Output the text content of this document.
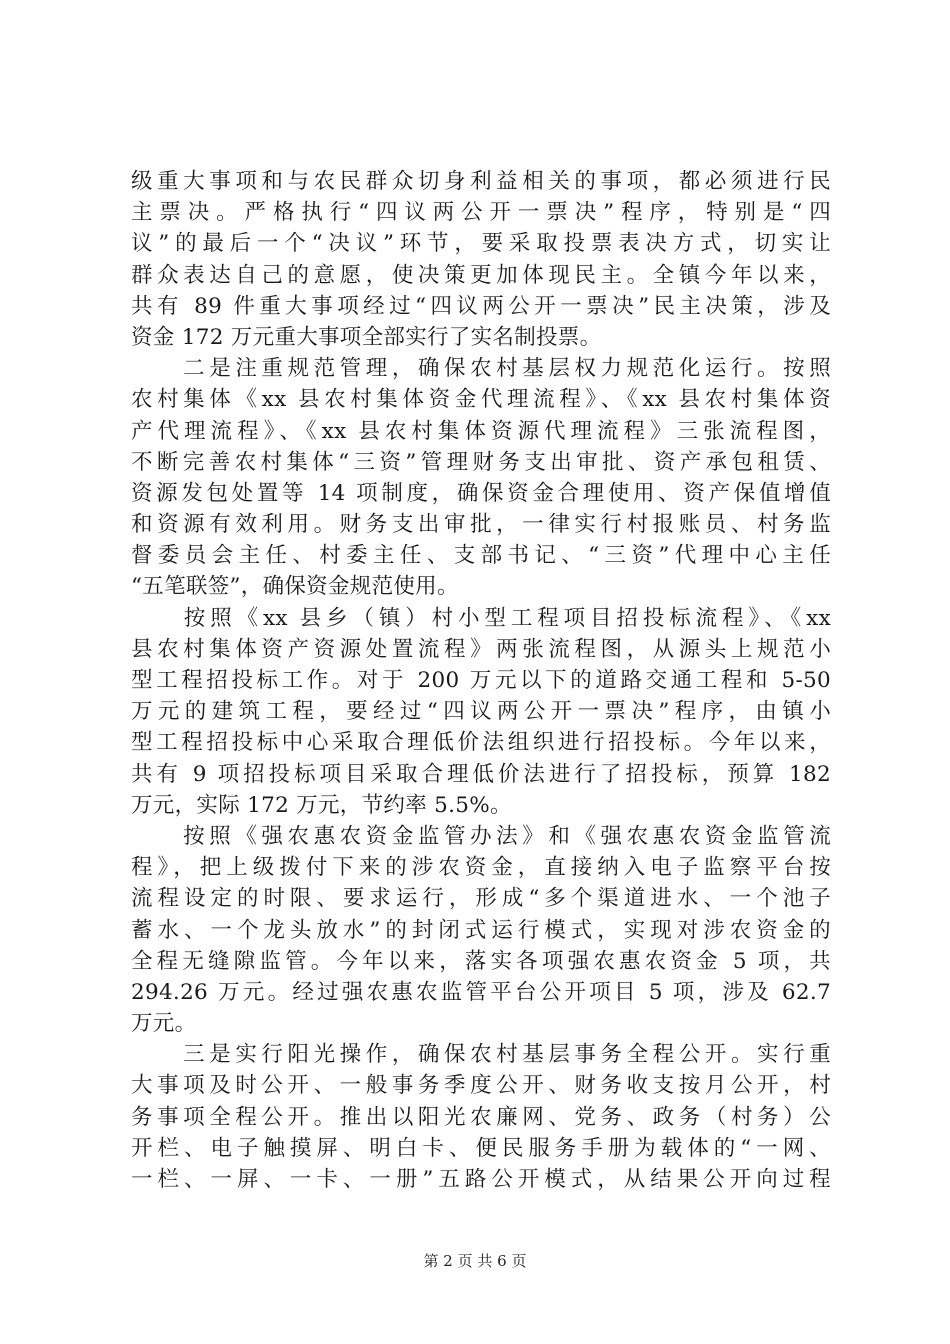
级重大事项和与农民群众切身利益相关的事项，都必须进行民
主票决。严格执行“四议两公开一票决”程序，特别是“四
议”的最后一个“决议”环节，要采取投票表决方式，切实让
群众表达自己的意愿，使决策更加体现民主。全镇今年以来，
共有 89 件重大事项经过“四议两公开一票决”民主决策，涉及
资金 172 万元重大事项全部实行了实名制投票。
　　二是注重规范管理，确保农村基层权力规范化运行。按照
农村集体《xx 县农村集体资金代理流程》、《xx 县农村集体资
产代理流程》、《xx 县农村集体资源代理流程》三张流程图，
不断完善农村集体“三资”管理财务支出审批、资产承包租赁、
资源发包处置等 14 项制度，确保资金合理使用、资产保值增值
和资源有效利用。财务支出审批，一律实行村报账员、村务监
督委员会主任、村委主任、支部书记、“三资”代理中心主任
“五笔联签”，确保资金规范使用。
　　按照《xx 县乡（镇）村小型工程项目招投标流程》、《xx
县农村集体资产资源处置流程》两张流程图，从源头上规范小
型工程招投标工作。对于 200 万元以下的道路交通工程和 5-50
万元的建筑工程，要经过“四议两公开一票决”程序，由镇小
型工程招投标中心采取合理低价法组织进行招投标。今年以来，
共有 9 项招投标项目采取合理低价法进行了招投标，预算 182
万元，实际 172 万元，节约率 5.5%。
　　按照《强农惠农资金监管办法》和《强农惠农资金监管流
程》，把上级拨付下来的涉农资金，直接纳入电子监察平台按
流程设定的时限、要求运行，形成“多个渠道进水、一个池子
蓄水、一个龙头放水”的封闭式运行模式，实现对涉农资金的
全程无缝隙监管。今年以来，落实各项强农惠农资金 5 项，共
294.26 万元。经过强农惠农监管平台公开项目 5 项，涉及 62.7
万元。
　　三是实行阳光操作，确保农村基层事务全程公开。实行重
大事项及时公开、一般事务季度公开、财务收支按月公开，村
务事项全程公开。推出以阳光农廉网、党务、政务（村务）公
开栏、电子触摸屏、明白卡、便民服务手册为载体的“一网、
一栏、一屏、一卡、一册”五路公开模式，从结果公开向过程
第 2 页 共 6 页
